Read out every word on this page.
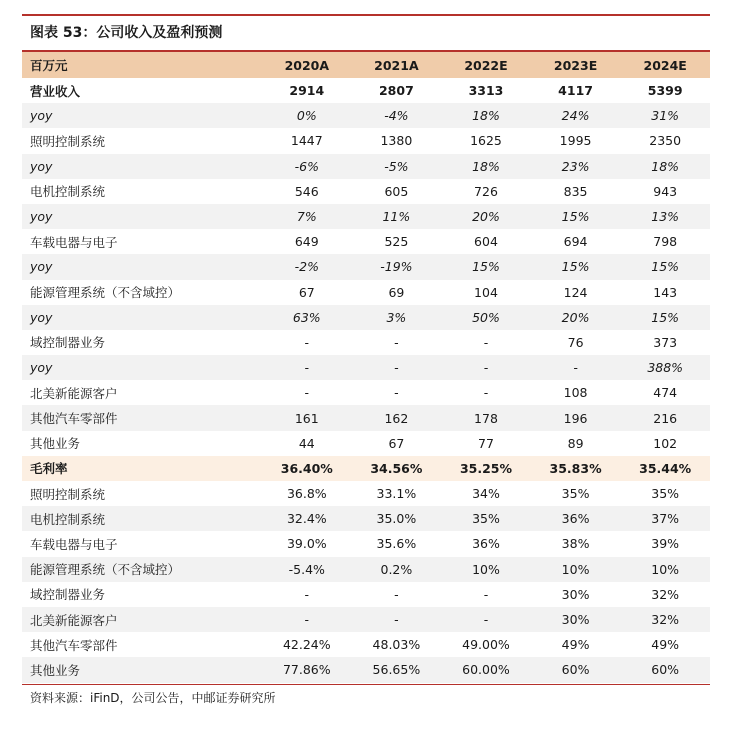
图表 53：公司收入及盈利预测
百万元	2020A	2021A	2022E	2023E	2024E
营业收入	2914	2807	3313	4117	5399
yoy	0%	-4%	18%	24%	31%
照明控制系统	1447	1380	1625	1995	2350
yoy	-6%	-5%	18%	23%	18%
电机控制系统	546	605	726	835	943
yoy	7%	11%	20%	15%	13%
车载电器与电子	649	525	604	694	798
yoy	-2%	-19%	15%	15%	15%
能源管理系统（不含域控）	67	69	104	124	143
yoy	63%	3%	50%	20%	15%
域控制器业务	-	-	-	76	373
yoy	-	-	-	-	388%
北美新能源客户	-	-	-	108	474
其他汽车零部件	161	162	178	196	216
其他业务	44	67	77	89	102
毛利率	36.40%	34.56%	35.25%	35.83%	35.44%
照明控制系统	36.8%	33.1%	34%	35%	35%
电机控制系统	32.4%	35.0%	35%	36%	37%
车载电器与电子	39.0%	35.6%	36%	38%	39%
能源管理系统（不含域控）	-5.4%	0.2%	10%	10%	10%
域控制器业务	-	-	-	30%	32%
北美新能源客户	-	-	-	30%	32%
其他汽车零部件	42.24%	48.03%	49.00%	49%	49%
其他业务	77.86%	56.65%	60.00%	60%	60%
资料来源：iFinD，公司公告，中邮证券研究所
